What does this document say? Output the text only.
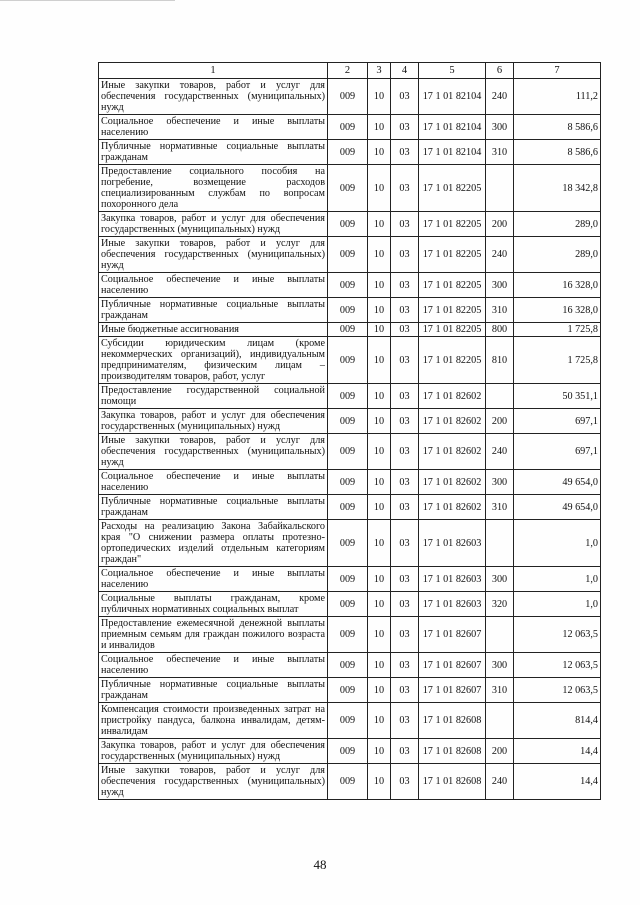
1	2	3	4	5	6	7
Иные закупки товаров, работ и услуг для обеспечения государственных (муниципальных) нужд	009	10	03	17 1 01 82104	240	111,2
Социальное обеспечение и иные выплаты населению	009	10	03	17 1 01 82104	300	8 586,6
Публичные нормативные социальные выплаты гражданам	009	10	03	17 1 01 82104	310	8 586,6
Предоставление социального пособия на погребение, возмещение расходов специализированным службам по вопросам похоронного дела	009	10	03	17 1 01 82205		18 342,8
Закупка товаров, работ и услуг для обеспечения государственных (муниципальных) нужд	009	10	03	17 1 01 82205	200	289,0
Иные закупки товаров, работ и услуг для обеспечения государственных (муниципальных) нужд	009	10	03	17 1 01 82205	240	289,0
Социальное обеспечение и иные выплаты населению	009	10	03	17 1 01 82205	300	16 328,0
Публичные нормативные социальные выплаты гражданам	009	10	03	17 1 01 82205	310	16 328,0
Иные бюджетные ассигнования	009	10	03	17 1 01 82205	800	1 725,8
Субсидии юридическим лицам (кроме некоммерческих организаций), индивидуальным предпринимателям, физическим лицам – производителям товаров, работ, услуг	009	10	03	17 1 01 82205	810	1 725,8
Предоставление государственной социальной помощи	009	10	03	17 1 01 82602		50 351,1
Закупка товаров, работ и услуг для обеспечения государственных (муниципальных) нужд	009	10	03	17 1 01 82602	200	697,1
Иные закупки товаров, работ и услуг для обеспечения государственных (муниципальных) нужд	009	10	03	17 1 01 82602	240	697,1
Социальное обеспечение и иные выплаты населению	009	10	03	17 1 01 82602	300	49 654,0
Публичные нормативные социальные выплаты гражданам	009	10	03	17 1 01 82602	310	49 654,0
Расходы на реализацию Закона Забайкальского края "О снижении размера оплаты протезно-ортопедических изделий отдельным категориям граждан"	009	10	03	17 1 01 82603		1,0
Социальное обеспечение и иные выплаты населению	009	10	03	17 1 01 82603	300	1,0
Социальные выплаты гражданам, кроме публичных нормативных социальных выплат	009	10	03	17 1 01 82603	320	1,0
Предоставление ежемесячной денежной выплаты приемным семьям для граждан пожилого возраста и инвалидов	009	10	03	17 1 01 82607		12 063,5
Социальное обеспечение и иные выплаты населению	009	10	03	17 1 01 82607	300	12 063,5
Публичные нормативные социальные выплаты гражданам	009	10	03	17 1 01 82607	310	12 063,5
Компенсация стоимости произведенных затрат на пристройку пандуса, балкона инвалидам, детям-инвалидам	009	10	03	17 1 01 82608		814,4
Закупка товаров, работ и услуг для обеспечения государственных (муниципальных) нужд	009	10	03	17 1 01 82608	200	14,4
Иные закупки товаров, работ и услуг для обеспечения государственных (муниципальных) нужд	009	10	03	17 1 01 82608	240	14,4
48
